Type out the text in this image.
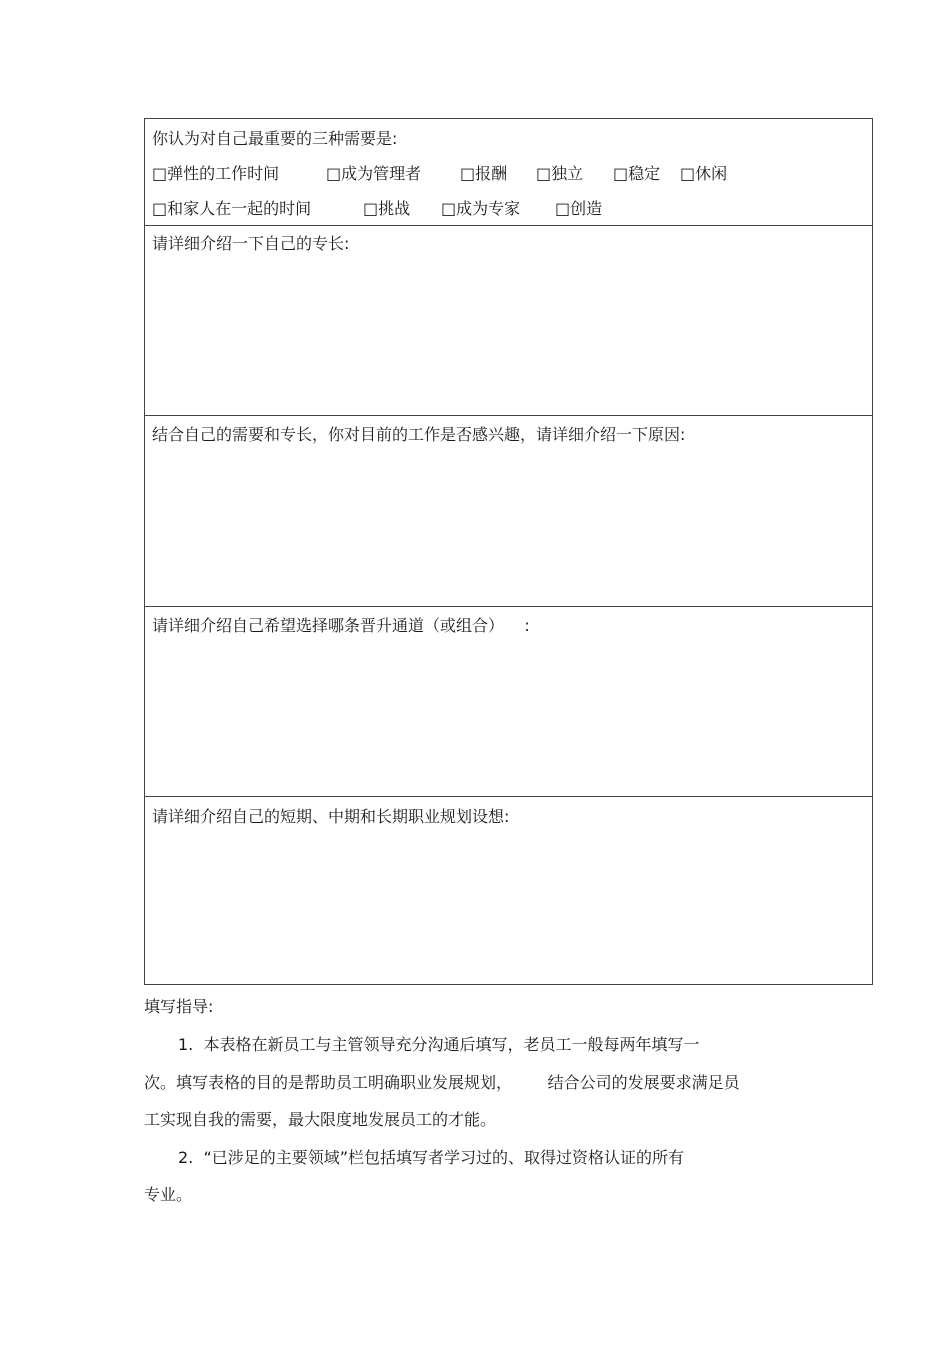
你认为对自己最重要的三种需要是:
□弹性的工作时间	□成为管理者 □报酬 □独立 □稳定 □休闲
□和家人在一起的时间	□挑战 □成为专家 □创造
请详细介绍一下自己的专长:
结合自己的需要和专长，你对目前的工作是否感兴趣，请详细介绍一下原因:
请详细介绍自己希望选择哪条晋升通道（或组合）    :
请详细介绍自己的短期、中期和长期职业规划设想:
填写指导:
1.  本表格在新员工与主管领导充分沟通后填写，老员工一般每两年填写一
次。填写表格的目的是帮助员工明确职业发展规划，       结合公司的发展要求满足员
工实现自我的需要，最大限度地发展员工的才能。
2.  “已涉足的主要领域”栏包括填写者学习过的、取得过资格认证的所有
专业。
